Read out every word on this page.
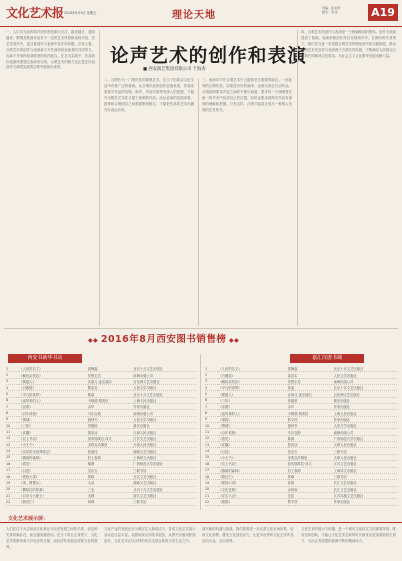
文化艺术报 2016年9月9日 星期五	理论天地
责编：张永利
版式：刘 佳	A19
一、人们对当前的和声创作感受颇为关注，越来越多，通常越来。歌唱及歌曲作品对于一定的艺术风格和表现手段，在艺术创作中，更注意创作与表演中存在的问题。总体上看，合唱艺术的创作与表演离不开作曲家和表演者的共同努力，也离不开指挥和演唱者的协作配合。在艺术实践中，作品的价值最终要通过表演来实现，合唱艺术的魅力也正是在作品创作与演唱实践的过程中展现出来的。
论声艺术的创作和表演
■ 西安演艺集团有限公司 于海涛
二、合唱作为一门集体性的歌唱艺术，在当下的群众文化生活中有着广泛的基础。从合唱作品的创作层面来看，作曲家需要对作品的结构、和声、声部安排等有深入的把握，才能写出既有艺术性又便于演唱的作品。而从表演的层面来看，指挥和合唱团员之间需要默契配合，才能把作品的艺术内涵充分表达出来。
三、表演环节在合唱艺术中占据着至关重要的地位。一部优秀的合唱作品，如果没有好的演绎，也难以真正打动听众。合唱演唱要求声部之间的平衡与和谐，要求每一个演唱者在统一的声音中找到自己的位置，同时也要求指挥对作品有深刻的理解和把握。只有这样，合唱才能真正成为一种感人至深的艺术形式。
四、合唱艺术的创作与表演是一个相辅相成的整体。创作为表演提供了基础，表演则使创作得以呈现和升华。在新的时代背景下，我们应当进一步加强合唱艺术的理论研究和实践探索，推动合唱艺术在创作与表演两个方面共同发展，不断满足人民群众日益增长的精神文化需求，为社会主义文化繁荣发展贡献力量。
◆◆ 2016年8月西安图书销售榜 ◆◆
西安书新华书店	嘉汇汉唐书城
1	《人民的名义》	周梅森	北京十月文艺出版社
2	《解忧杂货店》	东野圭吾	南海出版公司
3	《摆渡人》	克莱儿·麦克福尔	百花洲文艺出版社
4	《白鹿原》	陈忠实	人民文学出版社
5	《平凡的世界》	路遥	北京十月文艺出版社
6	《追风筝的人》	卡勒德·胡赛尼	上海人民出版社
7	《活着》	余华	作家出版社
8	《百年孤独》	马尔克斯	南海出版公司
9	《围城》	钱钟书	人民文学出版社
10	《三体》	刘慈欣	重庆出版社
11	《皮囊》	蔡崇达	天津人民出版社
12	《岛上书店》	加布瑞埃拉·泽文	江苏文艺出版社
13	《小王子》	圣埃克苏佩里	天津人民出版社
14	《从你的全世界路过》	张嘉佳	湖南文艺出版社
15	《挪威的森林》	村上春树	上海译文出版社
16	《看见》	柴静	广西师范大学出版社
17	《目送》	龙应台	三联书店
18	《孤独六讲》	蒋勋	长江文艺出版社
19	《乖，摸摸头》	大冰	湖南文艺出版社
20	《撒哈拉的故事》	三毛	北京十月文艺出版社
21	《月亮与六便士》	毛姆	浙江文艺出版社
22	《我们仨》	杨绛	三联书店
1	《人民的名义》	周梅森	北京十月文艺出版社
2	《白鹿原》	陈忠实	人民文学出版社
3	《解忧杂货店》	东野圭吾	南海出版公司
4	《平凡的世界》	路遥	北京十月文艺出版社
5	《摆渡人》	克莱儿·麦克福尔	百花洲文艺出版社
6	《三体》	刘慈欣	重庆出版社
7	《活着》	余华	作家出版社
8	《追风筝的人》	卡勒德·胡赛尼	上海人民出版社
9	《秦腔》	贾平凹	作家出版社
10	《围城》	钱钟书	人民文学出版社
11	《百年孤独》	马尔克斯	南海出版公司
12	《看见》	柴静	广西师范大学出版社
13	《皮囊》	蔡崇达	天津人民出版社
14	《目送》	龙应台	三联书店
15	《小王子》	圣埃克苏佩里	天津人民出版社
16	《岛上书店》	加布瑞埃拉·泽文	江苏文艺出版社
17	《挪威的森林》	村上春树	上海译文出版社
18	《我们仨》	杨绛	三联书店
19	《孤独六讲》	蒋勋	长江文艺出版社
20	《文化苦旅》	余秋雨	长江文艺出版社
21	《浮生六记》	沈复	江苏凤凰文艺出版社
22	《废都》	贾平凹	作家出版社
文化艺术展示屏：
人们往往不大注意到文化事业与经济发展之间的关系，但这种关系的确存在，而且越来越密切。在当下的社会背景下，文化艺术的繁荣离不开经济的支撑，而经济的发展也需要文化的滋养。
文化产业的发展正在为城市注入新的活力，各类文化艺术展示活动也日益丰富。从剧场演出到美术展览，从图书出版到影视创作，文化艺术正以多样的形态走进百姓的日常生活之中。
面对新的机遇与挑战，我们需要进一步完善文化市场体系，培育文化消费，激发文化创造活力，让更多优秀的文化艺术作品走向大众，走向世界。
文化艺术的展示与传播，是一个城市文化软实力的重要体现。唯有坚持创新，才能让文化艺术在新的时代焕发出更加蓬勃的生命力，为社会发展提供源源不断的精神动力。
